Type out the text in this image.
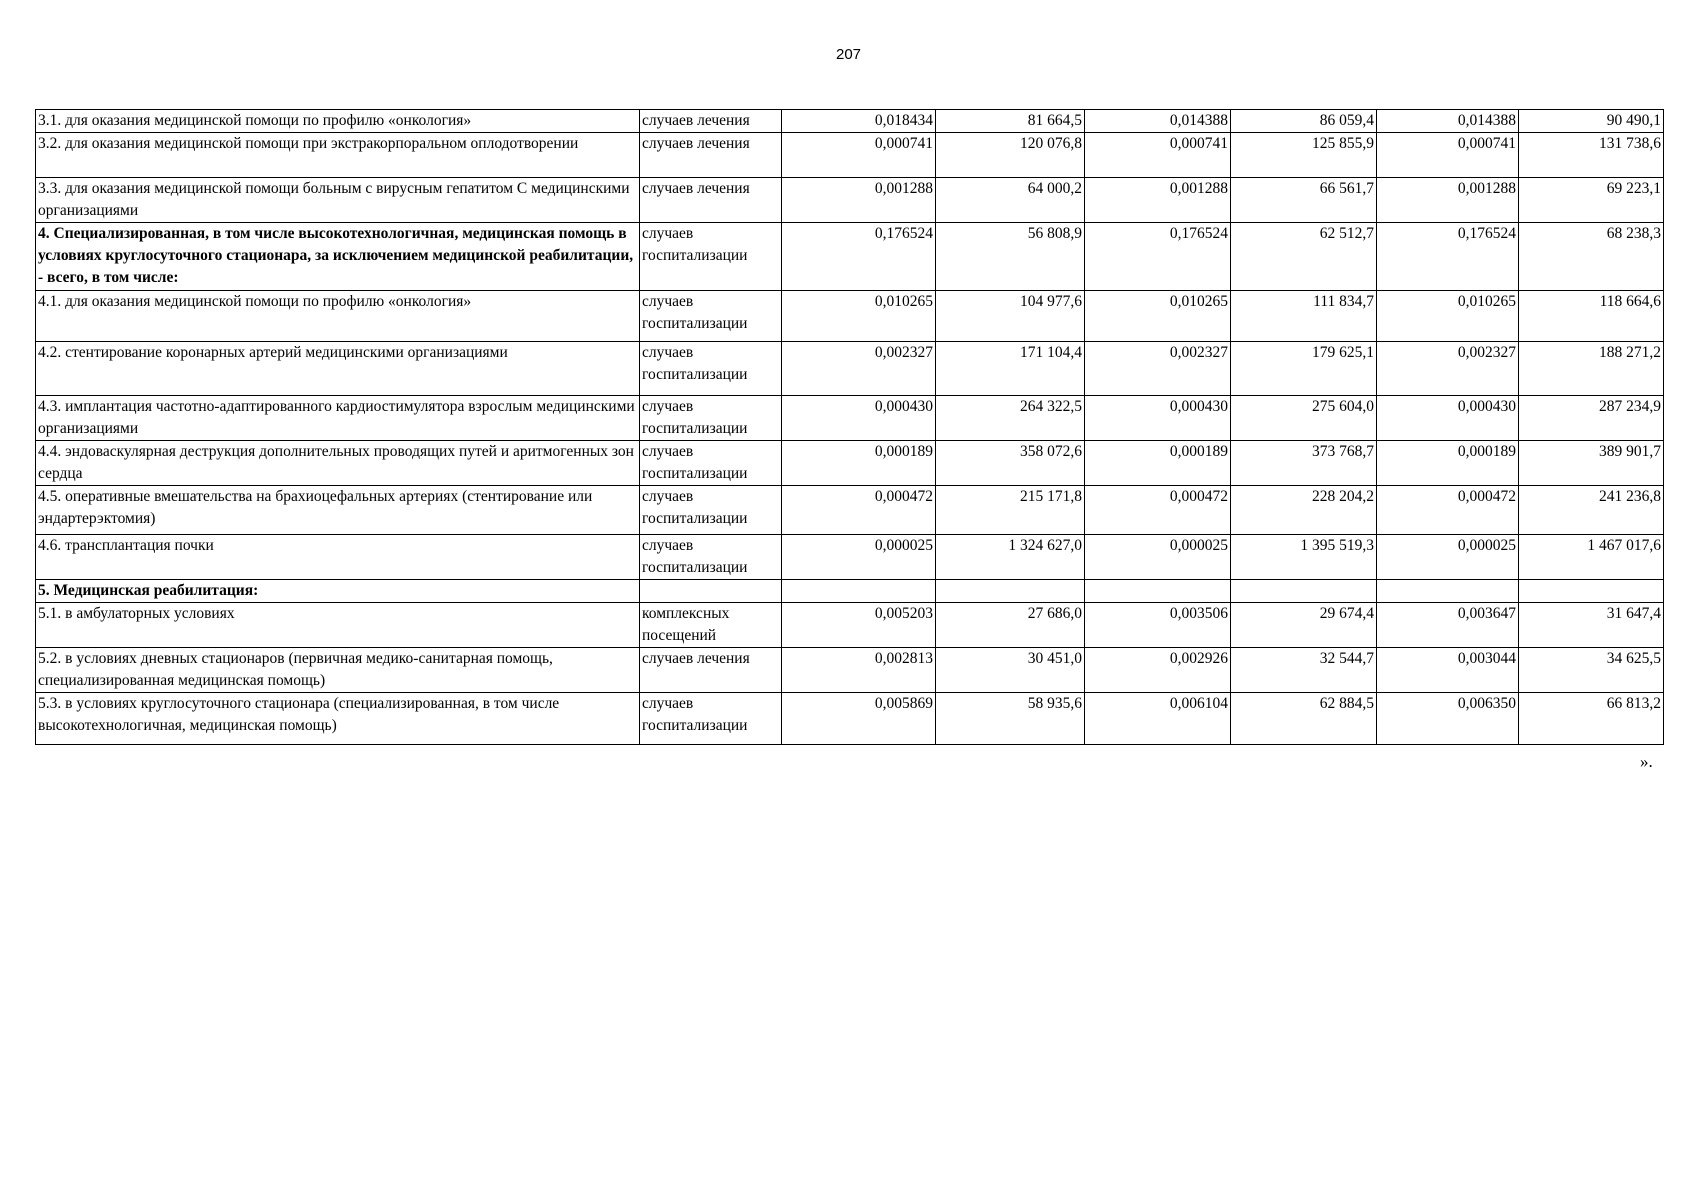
207
3.1. для оказания медицинской помощи по профилю «онкология»	случаев лечения	0,018434	81 664,5	0,014388	86 059,4	0,014388	90 490,1
3.2. для оказания медицинской помощи при экстракорпоральном оплодотворении	случаев лечения	0,000741	120 076,8	0,000741	125 855,9	0,000741	131 738,6
3.3. для оказания медицинской помощи больным с вирусным гепатитом С медицинскими организациями	случаев лечения	0,001288	64 000,2	0,001288	66 561,7	0,001288	69 223,1
4. Специализированная, в том числе высокотехнологичная, медицинская помощь в условиях круглосуточного стационара, за исключением медицинской реабилитации, - всего, в том числе:	случаев госпитализации	0,176524	56 808,9	0,176524	62 512,7	0,176524	68 238,3
4.1. для оказания медицинской помощи по профилю «онкология»	случаев госпитализации	0,010265	104 977,6	0,010265	111 834,7	0,010265	118 664,6
4.2. стентирование коронарных артерий медицинскими организациями	случаев госпитализации	0,002327	171 104,4	0,002327	179 625,1	0,002327	188 271,2
4.3. имплантация частотно-адаптированного кардиостимулятора взрослым медицинскими организациями	случаев госпитализации	0,000430	264 322,5	0,000430	275 604,0	0,000430	287 234,9
4.4. эндоваскулярная деструкция дополнительных проводящих путей и аритмогенных зон сердца	случаев госпитализации	0,000189	358 072,6	0,000189	373 768,7	0,000189	389 901,7
4.5. оперативные вмешательства на брахиоцефальных артериях (стентирование или эндартерэктомия)	случаев госпитализации	0,000472	215 171,8	0,000472	228 204,2	0,000472	241 236,8
4.6. трансплантация почки	случаев госпитализации	0,000025	1 324 627,0	0,000025	1 395 519,3	0,000025	1 467 017,6
5. Медицинская реабилитация:							
5.1. в амбулаторных условиях	комплексных посещений	0,005203	27 686,0	0,003506	29 674,4	0,003647	31 647,4
5.2. в условиях дневных стационаров (первичная медико-санитарная помощь, специализированная медицинская помощь)	случаев лечения	0,002813	30 451,0	0,002926	32 544,7	0,003044	34 625,5
5.3. в условиях круглосуточного стационара (специализированная, в том числе высокотехнологичная, медицинская помощь)	случаев госпитализации	0,005869	58 935,6	0,006104	62 884,5	0,006350	66 813,2
».
